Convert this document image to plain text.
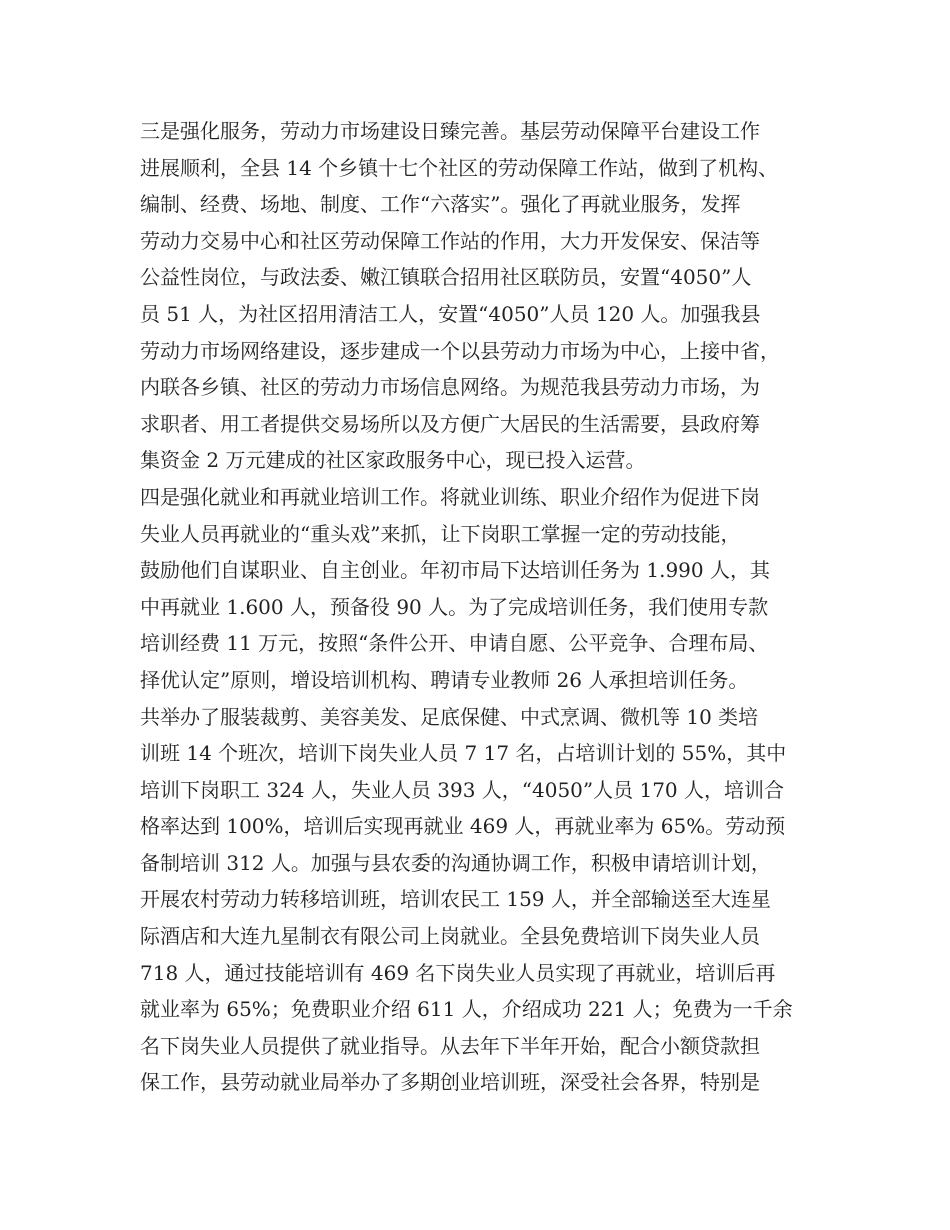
三是强化服务，劳动力市场建设日臻完善。基层劳动保障平台建设工作
进展顺利，全县 14 个乡镇十七个社区的劳动保障工作站，做到了机构、
编制、经费、场地、制度、工作“六落实”。强化了再就业服务，发挥
劳动力交易中心和社区劳动保障工作站的作用，大力开发保安、保洁等
公益性岗位，与政法委、嫩江镇联合招用社区联防员，安置“4050”人
员 51 人，为社区招用清洁工人，安置“4050”人员 120 人。加强我县
劳动力市场网络建设，逐步建成一个以县劳动力市场为中心，上接中省，
内联各乡镇、社区的劳动力市场信息网络。为规范我县劳动力市场，为
求职者、用工者提供交易场所以及方便广大居民的生活需要，县政府筹
集资金 2 万元建成的社区家政服务中心，现已投入运营。
四是强化就业和再就业培训工作。将就业训练、职业介绍作为促进下岗
失业人员再就业的“重头戏”来抓，让下岗职工掌握一定的劳动技能，
鼓励他们自谋职业、自主创业。年初市局下达培训任务为 1.990 人，其
中再就业 1.600 人，预备役 90 人。为了完成培训任务，我们使用专款
培训经费 11 万元，按照“条件公开、申请自愿、公平竞争、合理布局、
择优认定”原则，增设培训机构、聘请专业教师 26 人承担培训任务。
共举办了服装裁剪、美容美发、足底保健、中式烹调、微机等 10 类培
训班 14 个班次，培训下岗失业人员 7 17 名，占培训计划的 55%，其中
培训下岗职工 324 人，失业人员 393 人，“4050”人员 170 人，培训合
格率达到 100%，培训后实现再就业 469 人，再就业率为 65%。劳动预
备制培训 312 人。加强与县农委的沟通协调工作，积极申请培训计划，
开展农村劳动力转移培训班，培训农民工 159 人，并全部输送至大连星
际酒店和大连九星制衣有限公司上岗就业。全县免费培训下岗失业人员
718 人，通过技能培训有 469 名下岗失业人员实现了再就业，培训后再
就业率为 65%；免费职业介绍 611 人，介绍成功 221 人；免费为一千余
名下岗失业人员提供了就业指导。从去年下半年开始，配合小额贷款担
保工作，县劳动就业局举办了多期创业培训班，深受社会各界，特别是
